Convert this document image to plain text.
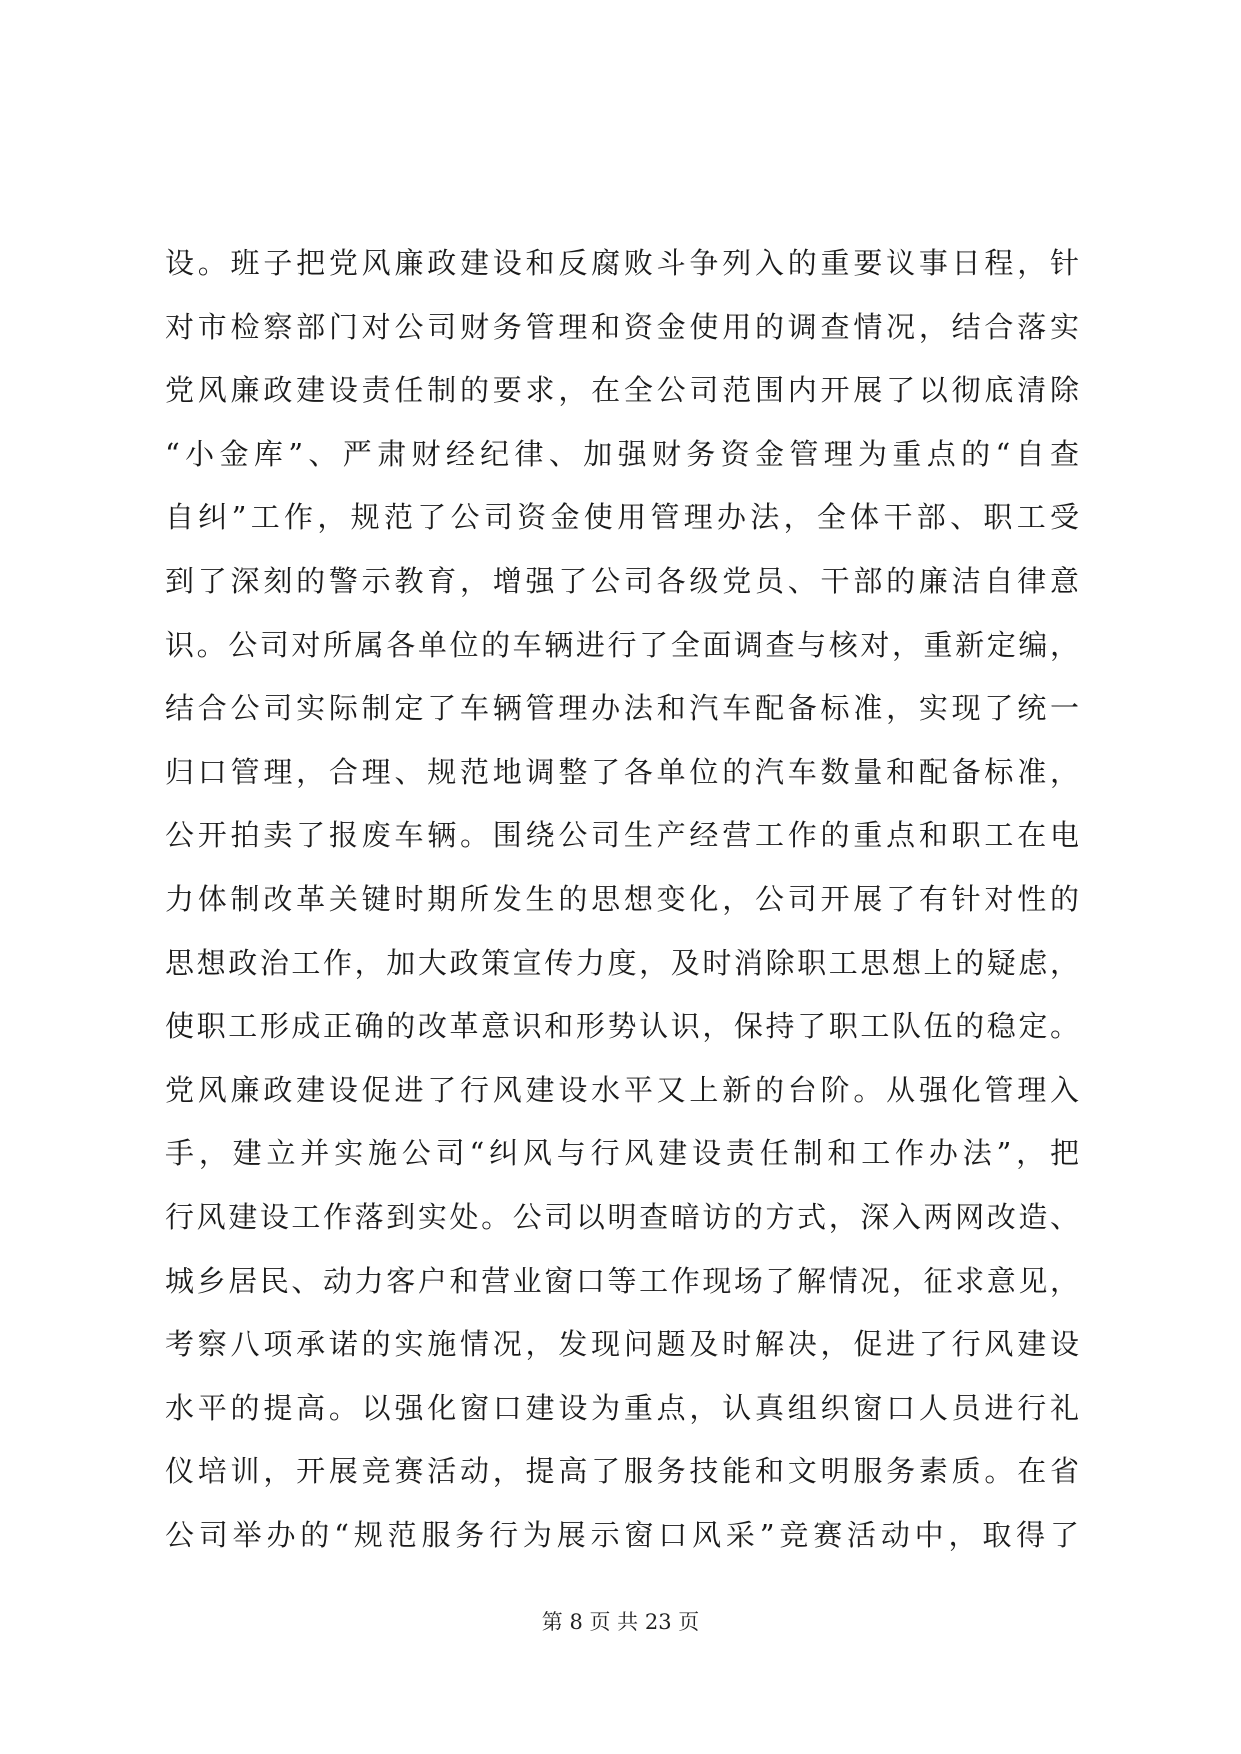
设。班子把党风廉政建设和反腐败斗争列入的重要议事日程，针
对市检察部门对公司财务管理和资金使用的调查情况，结合落实
党风廉政建设责任制的要求，在全公司范围内开展了以彻底清除
“小金库”、严肃财经纪律、加强财务资金管理为重点的“自查
自纠”工作，规范了公司资金使用管理办法，全体干部、职工受
到了深刻的警示教育，增强了公司各级党员、干部的廉洁自律意
识。公司对所属各单位的车辆进行了全面调查与核对，重新定编，
结合公司实际制定了车辆管理办法和汽车配备标准，实现了统一
归口管理，合理、规范地调整了各单位的汽车数量和配备标准，
公开拍卖了报废车辆。围绕公司生产经营工作的重点和职工在电
力体制改革关键时期所发生的思想变化，公司开展了有针对性的
思想政治工作，加大政策宣传力度，及时消除职工思想上的疑虑，
使职工形成正确的改革意识和形势认识，保持了职工队伍的稳定。
党风廉政建设促进了行风建设水平又上新的台阶。从强化管理入
手，建立并实施公司“纠风与行风建设责任制和工作办法”，把
行风建设工作落到实处。公司以明查暗访的方式，深入两网改造、
城乡居民、动力客户和营业窗口等工作现场了解情况，征求意见，
考察八项承诺的实施情况，发现问题及时解决，促进了行风建设
水平的提高。以强化窗口建设为重点，认真组织窗口人员进行礼
仪培训，开展竞赛活动，提高了服务技能和文明服务素质。在省
公司举办的“规范服务行为展示窗口风采”竞赛活动中，取得了
第 8 页 共 23 页
